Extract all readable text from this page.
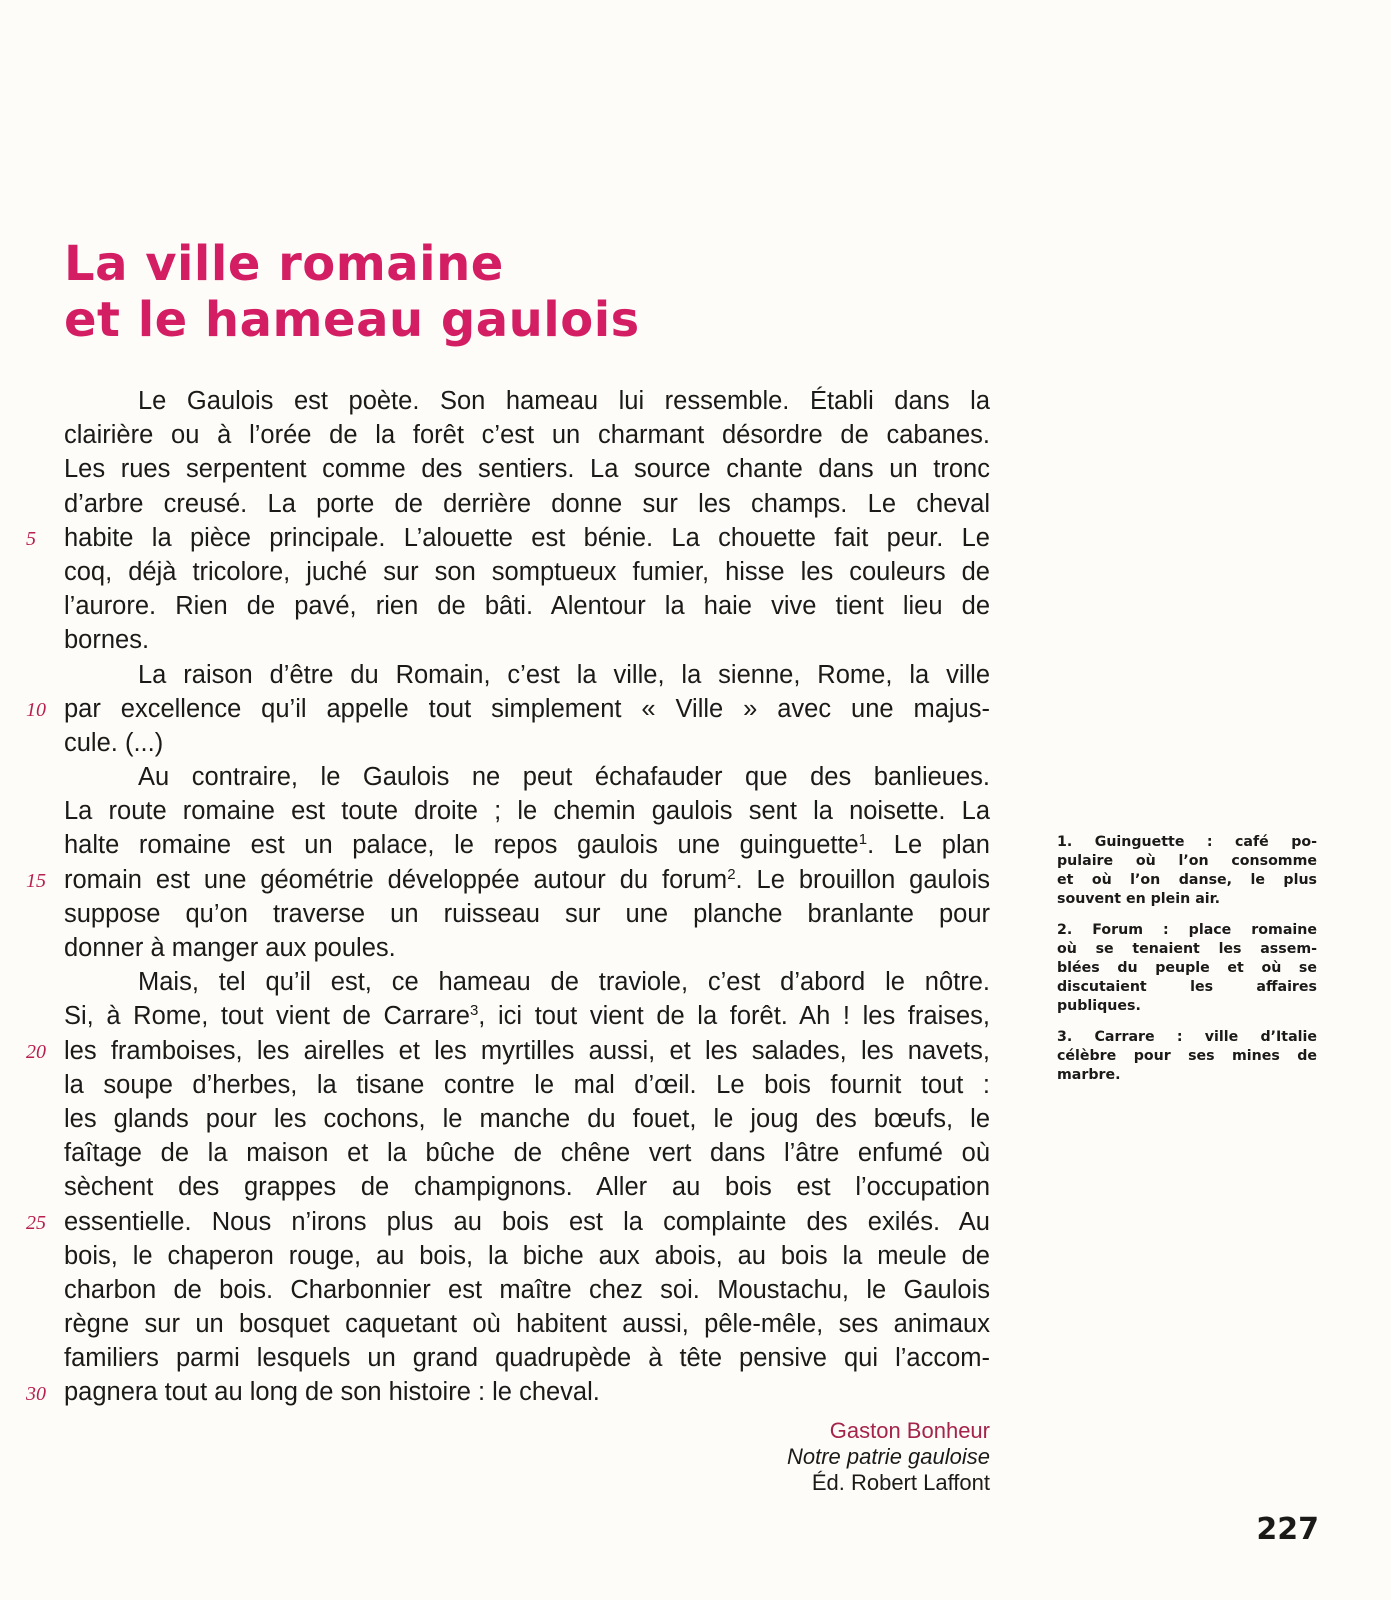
La ville romaine
et le hameau gaulois
5
10
15
20
25
30
Le Gaulois est poète. Son hameau lui ressemble. Établi dans la
clairière ou à l’orée de la forêt c’est un charmant désordre de cabanes.
Les rues serpentent comme des sentiers. La source chante dans un tronc
d’arbre creusé. La porte de derrière donne sur les champs. Le cheval
habite la pièce principale. L’alouette est bénie. La chouette fait peur. Le
coq, déjà tricolore, juché sur son somptueux fumier, hisse les couleurs de
l’aurore. Rien de pavé, rien de bâti. Alentour la haie vive tient lieu de
bornes.
La raison d’être du Romain, c’est la ville, la sienne, Rome, la ville
par excellence qu’il appelle tout simplement « Ville » avec une majus-
cule. (...)
Au contraire, le Gaulois ne peut échafauder que des banlieues.
La route romaine est toute droite ; le chemin gaulois sent la noisette. La
halte romaine est un palace, le repos gaulois une guinguette$^1$. Le plan
romain est une géométrie développée autour du forum$^2$. Le brouillon gaulois
suppose qu’on traverse un ruisseau sur une planche branlante pour
donner à manger aux poules.
Mais, tel qu’il est, ce hameau de traviole, c’est d’abord le nôtre.
Si, à Rome, tout vient de Carrare$^3$, ici tout vient de la forêt. Ah ! les fraises,
les framboises, les airelles et les myrtilles aussi, et les salades, les navets,
la soupe d’herbes, la tisane contre le mal d’œil. Le bois fournit tout :
les glands pour les cochons, le manche du fouet, le joug des bœufs, le
faîtage de la maison et la bûche de chêne vert dans l’âtre enfumé où
sèchent des grappes de champignons. Aller au bois est l’occupation
essentielle. Nous n’irons plus au bois est la complainte des exilés. Au
bois, le chaperon rouge, au bois, la biche aux abois, au bois la meule de
charbon de bois. Charbonnier est maître chez soi. Moustachu, le Gaulois
règne sur un bosquet caquetant où habitent aussi, pêle-mêle, ses animaux
familiers parmi lesquels un grand quadrupède à tête pensive qui l’accom-
pagnera tout au long de son histoire : le cheval.
1. Guinguette : café po-
pulaire où l’on consomme
et où l’on danse, le plus
souvent en plein air.
2. Forum : place romaine
où se tenaient les assem-
blées du peuple et où se
discutaient les affaires
publiques.
3. Carrare : ville d’Italie
célèbre pour ses mines de
marbre.
Gaston Bonheur
Notre patrie gauloise
Éd. Robert Laffont
227
